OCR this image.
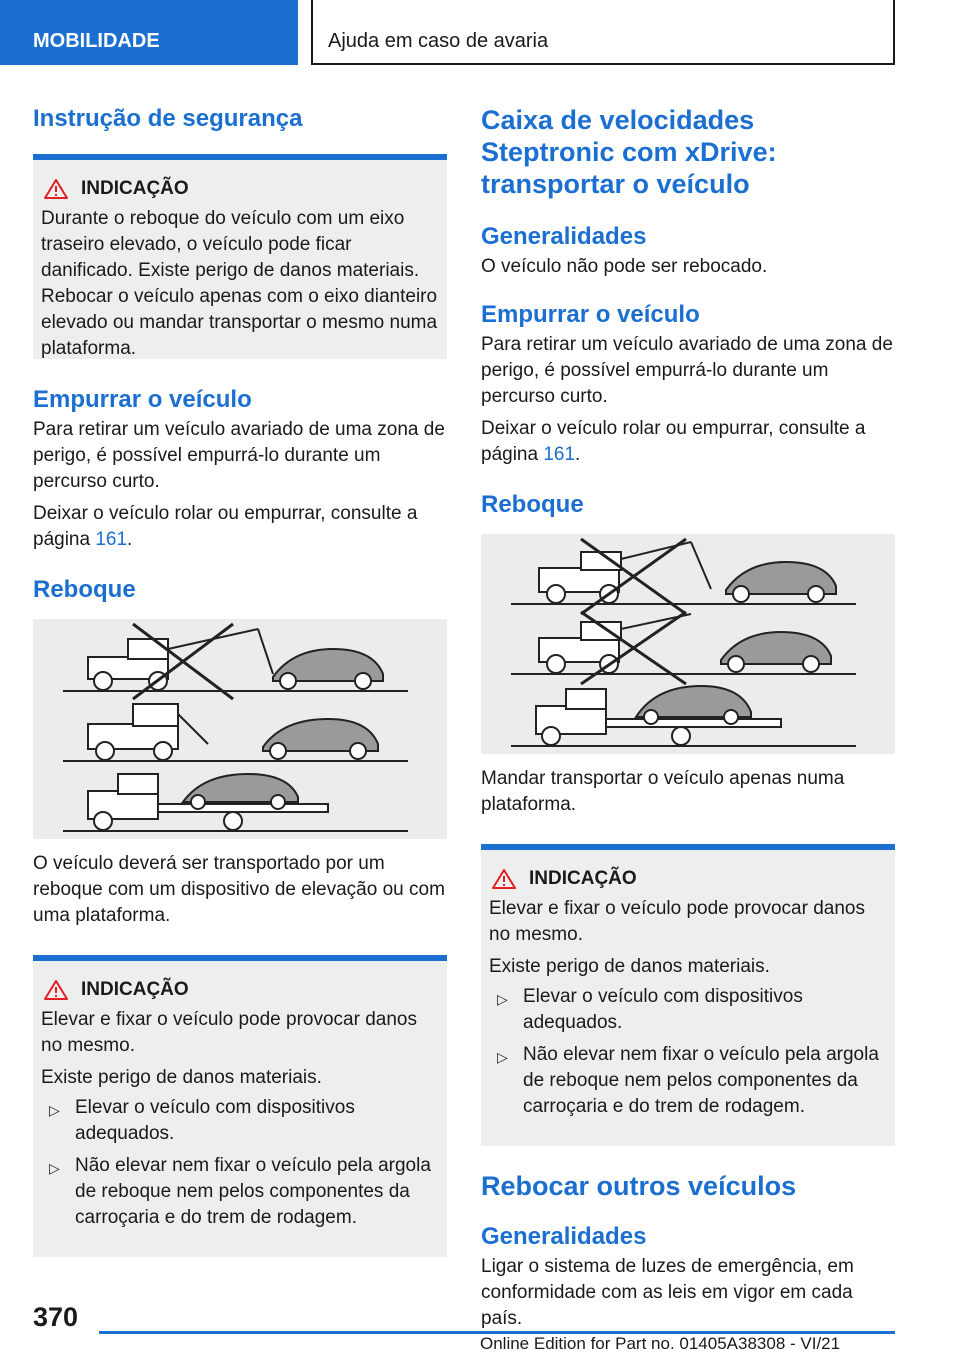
MOBILIDADE	Ajuda em caso de avaria
Instrução de segurança
INDICAÇÃO

Durante o reboque do veículo com um eixo traseiro elevado, o veículo pode ficar danificado. Existe perigo de danos materiais. Rebocar o veículo apenas com o eixo dianteiro elevado ou mandar transportar o mesmo numa plataforma.

Empurrar o veículo

Para retirar um veículo avariado de uma zona de perigo, é possível empurrá-lo durante um percurso curto.

Deixar o veículo rolar ou empurrar, consulte a página 161.

Reboque

O veículo deverá ser transportado por um reboque com um dispositivo de elevação ou com uma plataforma.

INDICAÇÃO

Elevar e fixar o veículo pode provocar danos no mesmo.

Existe perigo de danos materiais.

▷ Elevar o veículo com dispositivos adequados.
▷ Não elevar nem fixar o veículo pela argola de reboque nem pelos componentes da carroçaria e do trem de rodagem.
Caixa de velocidades Steptronic com xDrive: transportar o veículo
Generalidades

O veículo não pode ser rebocado.

Empurrar o veículo

Para retirar um veículo avariado de uma zona de perigo, é possível empurrá-lo durante um percurso curto.

Deixar o veículo rolar ou empurrar, consulte a página 161.

Reboque

Mandar transportar o veículo apenas numa plataforma.

INDICAÇÃO

Elevar e fixar o veículo pode provocar danos no mesmo.

Existe perigo de danos materiais.

▷ Elevar o veículo com dispositivos adequados.
▷ Não elevar nem fixar o veículo pela argola de reboque nem pelos componentes da carroçaria e do trem de rodagem.
Rebocar outros veículos
Generalidades

Ligar o sistema de luzes de emergência, em conformidade com as leis em vigor em cada país.

370
Online Edition for Part no. 01405A38308 - VI/21
